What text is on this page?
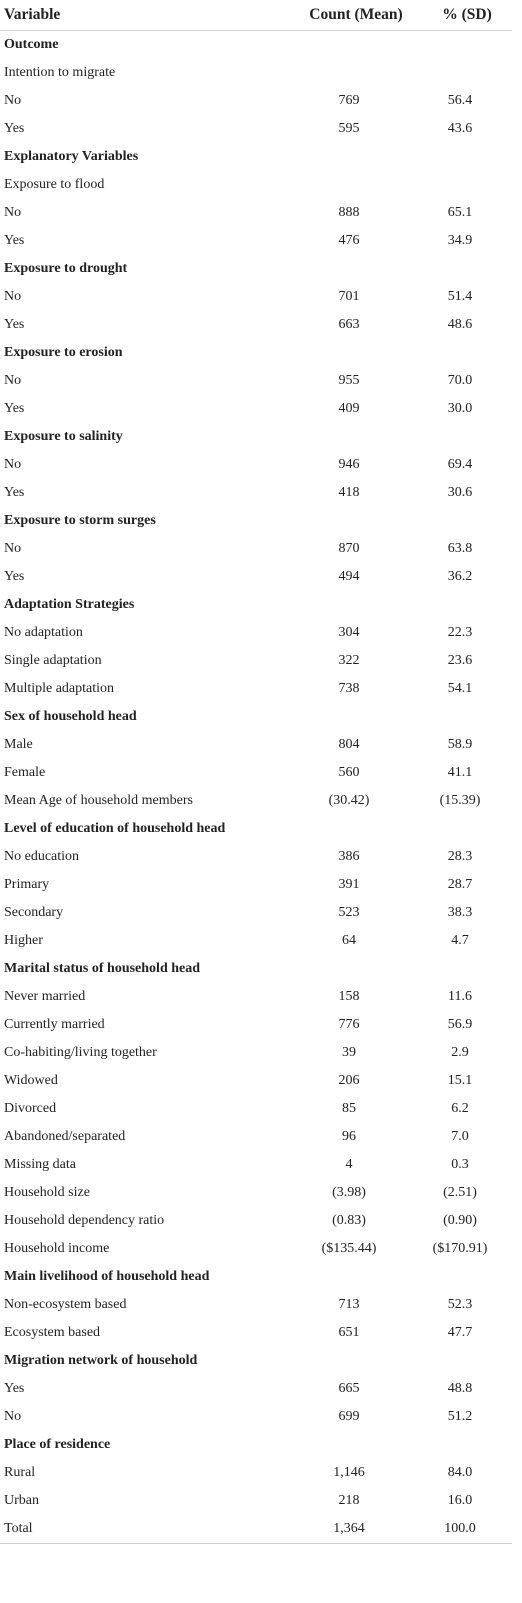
Variable	Count (Mean)	% (SD)
Outcome
Intention to migrate
No	769	56.4
Yes	595	43.6
Explanatory Variables
Exposure to flood
No	888	65.1
Yes	476	34.9
Exposure to drought
No	701	51.4
Yes	663	48.6
Exposure to erosion
No	955	70.0
Yes	409	30.0
Exposure to salinity
No	946	69.4
Yes	418	30.6
Exposure to storm surges
No	870	63.8
Yes	494	36.2
Adaptation Strategies
No adaptation	304	22.3
Single adaptation	322	23.6
Multiple adaptation	738	54.1
Sex of household head
Male	804	58.9
Female	560	41.1
Mean Age of household members	(30.42)	(15.39)
Level of education of household head
No education	386	28.3
Primary	391	28.7
Secondary	523	38.3
Higher	64	4.7
Marital status of household head
Never married	158	11.6
Currently married	776	56.9
Co-habiting/living together	39	2.9
Widowed	206	15.1
Divorced	85	6.2
Abandoned/separated	96	7.0
Missing data	4	0.3
Household size	(3.98)	(2.51)
Household dependency ratio	(0.83)	(0.90)
Household income	($135.44)	($170.91)
Main livelihood of household head
Non-ecosystem based	713	52.3
Ecosystem based	651	47.7
Migration network of household
Yes	665	48.8
No	699	51.2
Place of residence
Rural	1,146	84.0
Urban	218	16.0
Total	1,364	100.0
